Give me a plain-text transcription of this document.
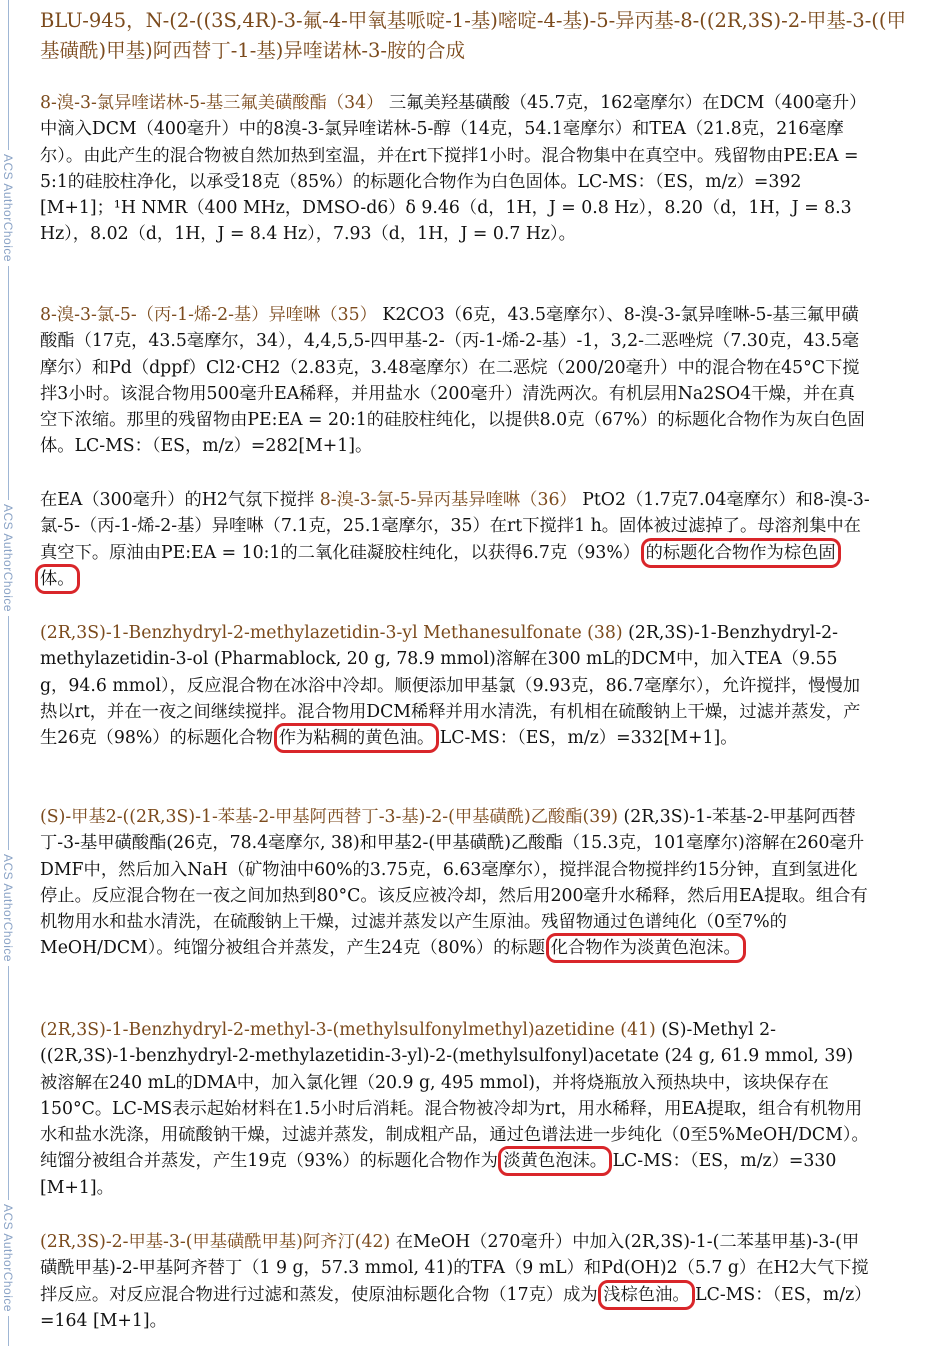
ACS AuthorChoice
ACS AuthorChoice
ACS AuthorChoice
ACS AuthorChoice
BLU-945，N-(2-((3S,4R)-3-氟-4-甲氧基哌啶-1-基)嘧啶-4-基)-5-异丙基-8-((2R,3S)-2-甲基-3-((甲基磺酰)甲基)阿西替丁-1-基)异喹诺林-3-胺的合成

8-溴-3-氯异喹诺林-5-基三氟美磺酸酯（34） 三氟美羟基磺酸（45.7克，162毫摩尔）在DCM（400毫升）中滴入DCM（400毫升）中的8溴-3-氯异喹诺林-5-醇（14克，54.1毫摩尔）和TEA（21.8克，216毫摩尔）。由此产生的混合物被自然加热到室温，并在rt下搅拌1小时。混合物集中在真空中。残留物由PE:EA = 5:1的硅胶柱净化，以承受18克（85%）的标题化合物作为白色固体。LC-MS：（ES，m/z）=392 [M+1]；¹H NMR（400 MHz，DMSO-d6）δ 9.46（d，1H，J = 0.8 Hz），8.20（d，1H，J = 8.3 Hz），8.02（d，1H，J = 8.4 Hz），7.93（d，1H，J = 0.7 Hz）。

8-溴-3-氯-5-（丙-1-烯-2-基）异喹啉（35） K2CO3（6克，43.5毫摩尔）、8-溴-3-氯异喹啉-5-基三氟甲磺酸酯（17克，43.5毫摩尔，34），4,4,5,5-四甲基-2-（丙-1-烯-2-基）-1，3,2-二恶唑烷（7.30克，43.5毫摩尔）和Pd（dppf）Cl2·CH2（2.83克，3.48毫摩尔）在二恶烷（200/20毫升）中的混合物在45°C下搅拌3小时。该混合物用500毫升EA稀释，并用盐水（200毫升）清洗两次。有机层用Na2SO4干燥，并在真空下浓缩。那里的残留物由PE:EA = 20:1的硅胶柱纯化，以提供8.0克（67%）的标题化合物作为灰白色固体。LC-MS：（ES，m/z）=282[M+1]。

在EA（300毫升）的H2气氛下搅拌 8-溴-3-氯-5-异丙基异喹啉（36） PtO2（1.7克7.04毫摩尔）和8-溴-3-氯-5-（丙-1-烯-2-基）异喹啉（7.1克，25.1毫摩尔，35）在rt下搅拌1 h。固体被过滤掉了。母溶剂集中在真空下。原油由PE:EA = 10:1的二氧化硅凝胶柱纯化，以获得6.7克（93%） 的标题化合物作为棕色固体。

(2R,3S)-1-Benzhydryl-2-methylazetidin-3-yl Methanesulfonate (38) (2R,3S)-1-Benzhydryl-2-methylazetidin-3-ol (Pharmablock, 20 g, 78.9 mmol)溶解在300 mL的DCM中，加入TEA（9.55 g，94.6 mmol），反应混合物在冰浴中冷却。顺便添加甲基氯（9.93克，86.7毫摩尔），允许搅拌，慢慢加热以rt，并在一夜之间继续搅拌。混合物用DCM稀释并用水清洗，有机相在硫酸钠上干燥，过滤并蒸发，产生26克（98%）的标题化合物 作为粘稠的黄色油。 LC-MS：（ES，m/z）=332[M+1]。

(S)-甲基2-((2R,3S)-1-苯基-2-甲基阿西替丁-3-基)-2-(甲基磺酰)乙酸酯(39) (2R,3S)-1-苯基-2-甲基阿西替丁-3-基甲磺酸酯(26克，78.4毫摩尔, 38)和甲基2-(甲基磺酰)乙酸酯（15.3克，101毫摩尔)溶解在260毫升DMF中，然后加入NaH（矿物油中60%的3.75克，6.63毫摩尔），搅拌混合物搅拌约15分钟，直到氢进化停止。反应混合物在一夜之间加热到80°C。该反应被冷却，然后用200毫升水稀释，然后用EA提取。组合有机物用水和盐水清洗，在硫酸钠上干燥，过滤并蒸发以产生原油。残留物通过色谱纯化（0至7%的MeOH/DCM）。纯馏分被组合并蒸发，产生24克（80%）的标题 化合物作为淡黄色泡沫。

(2R,3S)-1-Benzhydryl-2-methyl-3-(methylsulfonylmethyl)azetidine (41) (S)-Methyl 2-((2R,3S)-1-benzhydryl-2-methylazetidin-3-yl)-2-(methylsulfonyl)acetate (24 g, 61.9 mmol, 39)被溶解在240 mL的DMA中，加入氯化锂（20.9 g, 495 mmol)，并将烧瓶放入预热块中，该块保存在150°C。LC-MS表示起始材料在1.5小时后消耗。混合物被冷却为rt，用水稀释，用EA提取，组合有机物用水和盐水洗涤，用硫酸钠干燥，过滤并蒸发，制成粗产品，通过色谱法进一步纯化（0至5%MeOH/DCM）。纯馏分被组合并蒸发，产生19克（93%）的标题化合物作为 淡黄色泡沫。 LC-MS：（ES，m/z）=330 [M+1]。

(2R,3S)-2-甲基-3-(甲基磺酰甲基)阿齐汀(42) 在MeOH（270毫升）中加入(2R,3S)-1-(二苯基甲基)-3-(甲磺酰甲基)-2-甲基阿齐替丁（1 9 g，57.3 mmol, 41)的TFA（9 mL）和Pd(OH)2（5.7 g）在H2大气下搅拌反应。对反应混合物进行过滤和蒸发，使原油标题化合物（17克）成为 浅棕色油。 LC-MS：（ES，m/z）=164 [M+1]。
